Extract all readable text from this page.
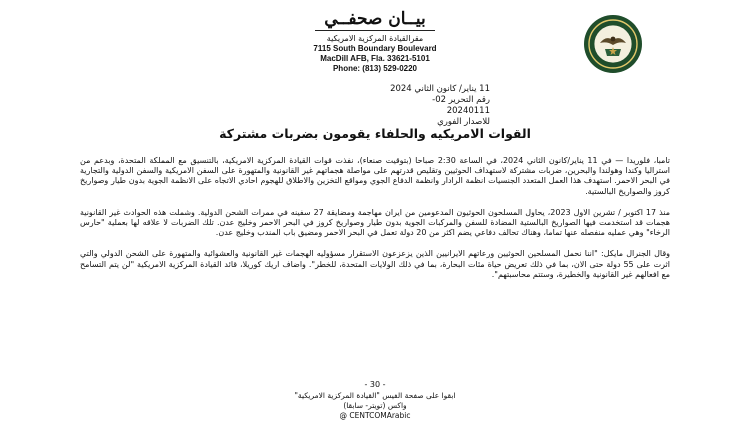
بيــان صحفــي
مقرالقيادة المركزية الامريكية
7115 South Boundary Boulevard
MacDill AFB, Fla. 33621-5101
Phone: (813) 529-0220
11 يناير/ كانون الثاني 2024
رقم التحرير 02-
20240111
للاصدار الفوري
القوات الامريكيه والحلفاء يقومون بضربات مشتركة

تامبا، فلوريدا — في 11 يناير/كانون الثاني 2024، في الساعة 2:30 صباحا (بتوقيت صنعاء)، نفذت قوات القيادة المركزية الامريكية، بالتنسيق مع المملكة المتحدة، وبدعم من استراليا وكندا وهولندا والبحرين، ضربات مشتركة لاستهداف الحوثيين وتقليص قدرتهم على مواصلة هجماتهم غير القانونية والمتهورة على السفن الامريكية والسفن الدولية والتجارية في البحر الاحمر. استهدف هذا العمل المتعدد الجنسيات انظمة الرادار وانظمة الدفاع الجوي ومواقع التخزين والاطلاق للهجوم احادي الاتجاه على الانظمة الجوية بدون طيار وصواريخ كروز والصواريخ البالستية.

منذ 17 اكتوبر / تشرين الاول 2023، يحاول المسلحون الحوثيون المدعومين من ايران مهاجمة ومضايقة 27 سفينه في ممرات الشحن الدولية. وشملت هذه الحوادث غير القانونية هجمات قد استخدمت فيها الصواريخ البالستية المضادة للسفن والمركبات الجوية بدون طيار وصواريخ كروز في البحر الاحمر وخليج عدن. تلك الضربات لا علاقه لها بعملية "حارس الرخاء" وهي عمليه منفصله عنها تماما، وهناك تحالف دفاعي يضم اكثر من 20 دولة تعمل في البحر الاحمر ومضيق باب المندب وخليج عدن.

وقال الجنرال مايكل: "اننا نحمل المسلحين الحوثيين ورعاتهم الايرانيين الذين يزعزعون الاستقرار مسؤوليه الهجمات غير القانونية والعشوائية والمتهورة على الشحن الدولي والتي اثرت على 55 دولة حتى الان، بما في ذلك تعريض حياة مئات البحارة، بما في ذلك الولايات المتحدة، للخطر". واضاف اريك كوريلا، قائد القيادة المركزية الامريكية "لن يتم التسامح مع افعالهم غير القانونية والخطيرة، وستتم محاسبتهم".

- 30 -
ابقوا على صفحة الفيس "القيادة المركزية الامريكية"
واكس (تويتر- سابقا)
@ CENTCOMArabic
